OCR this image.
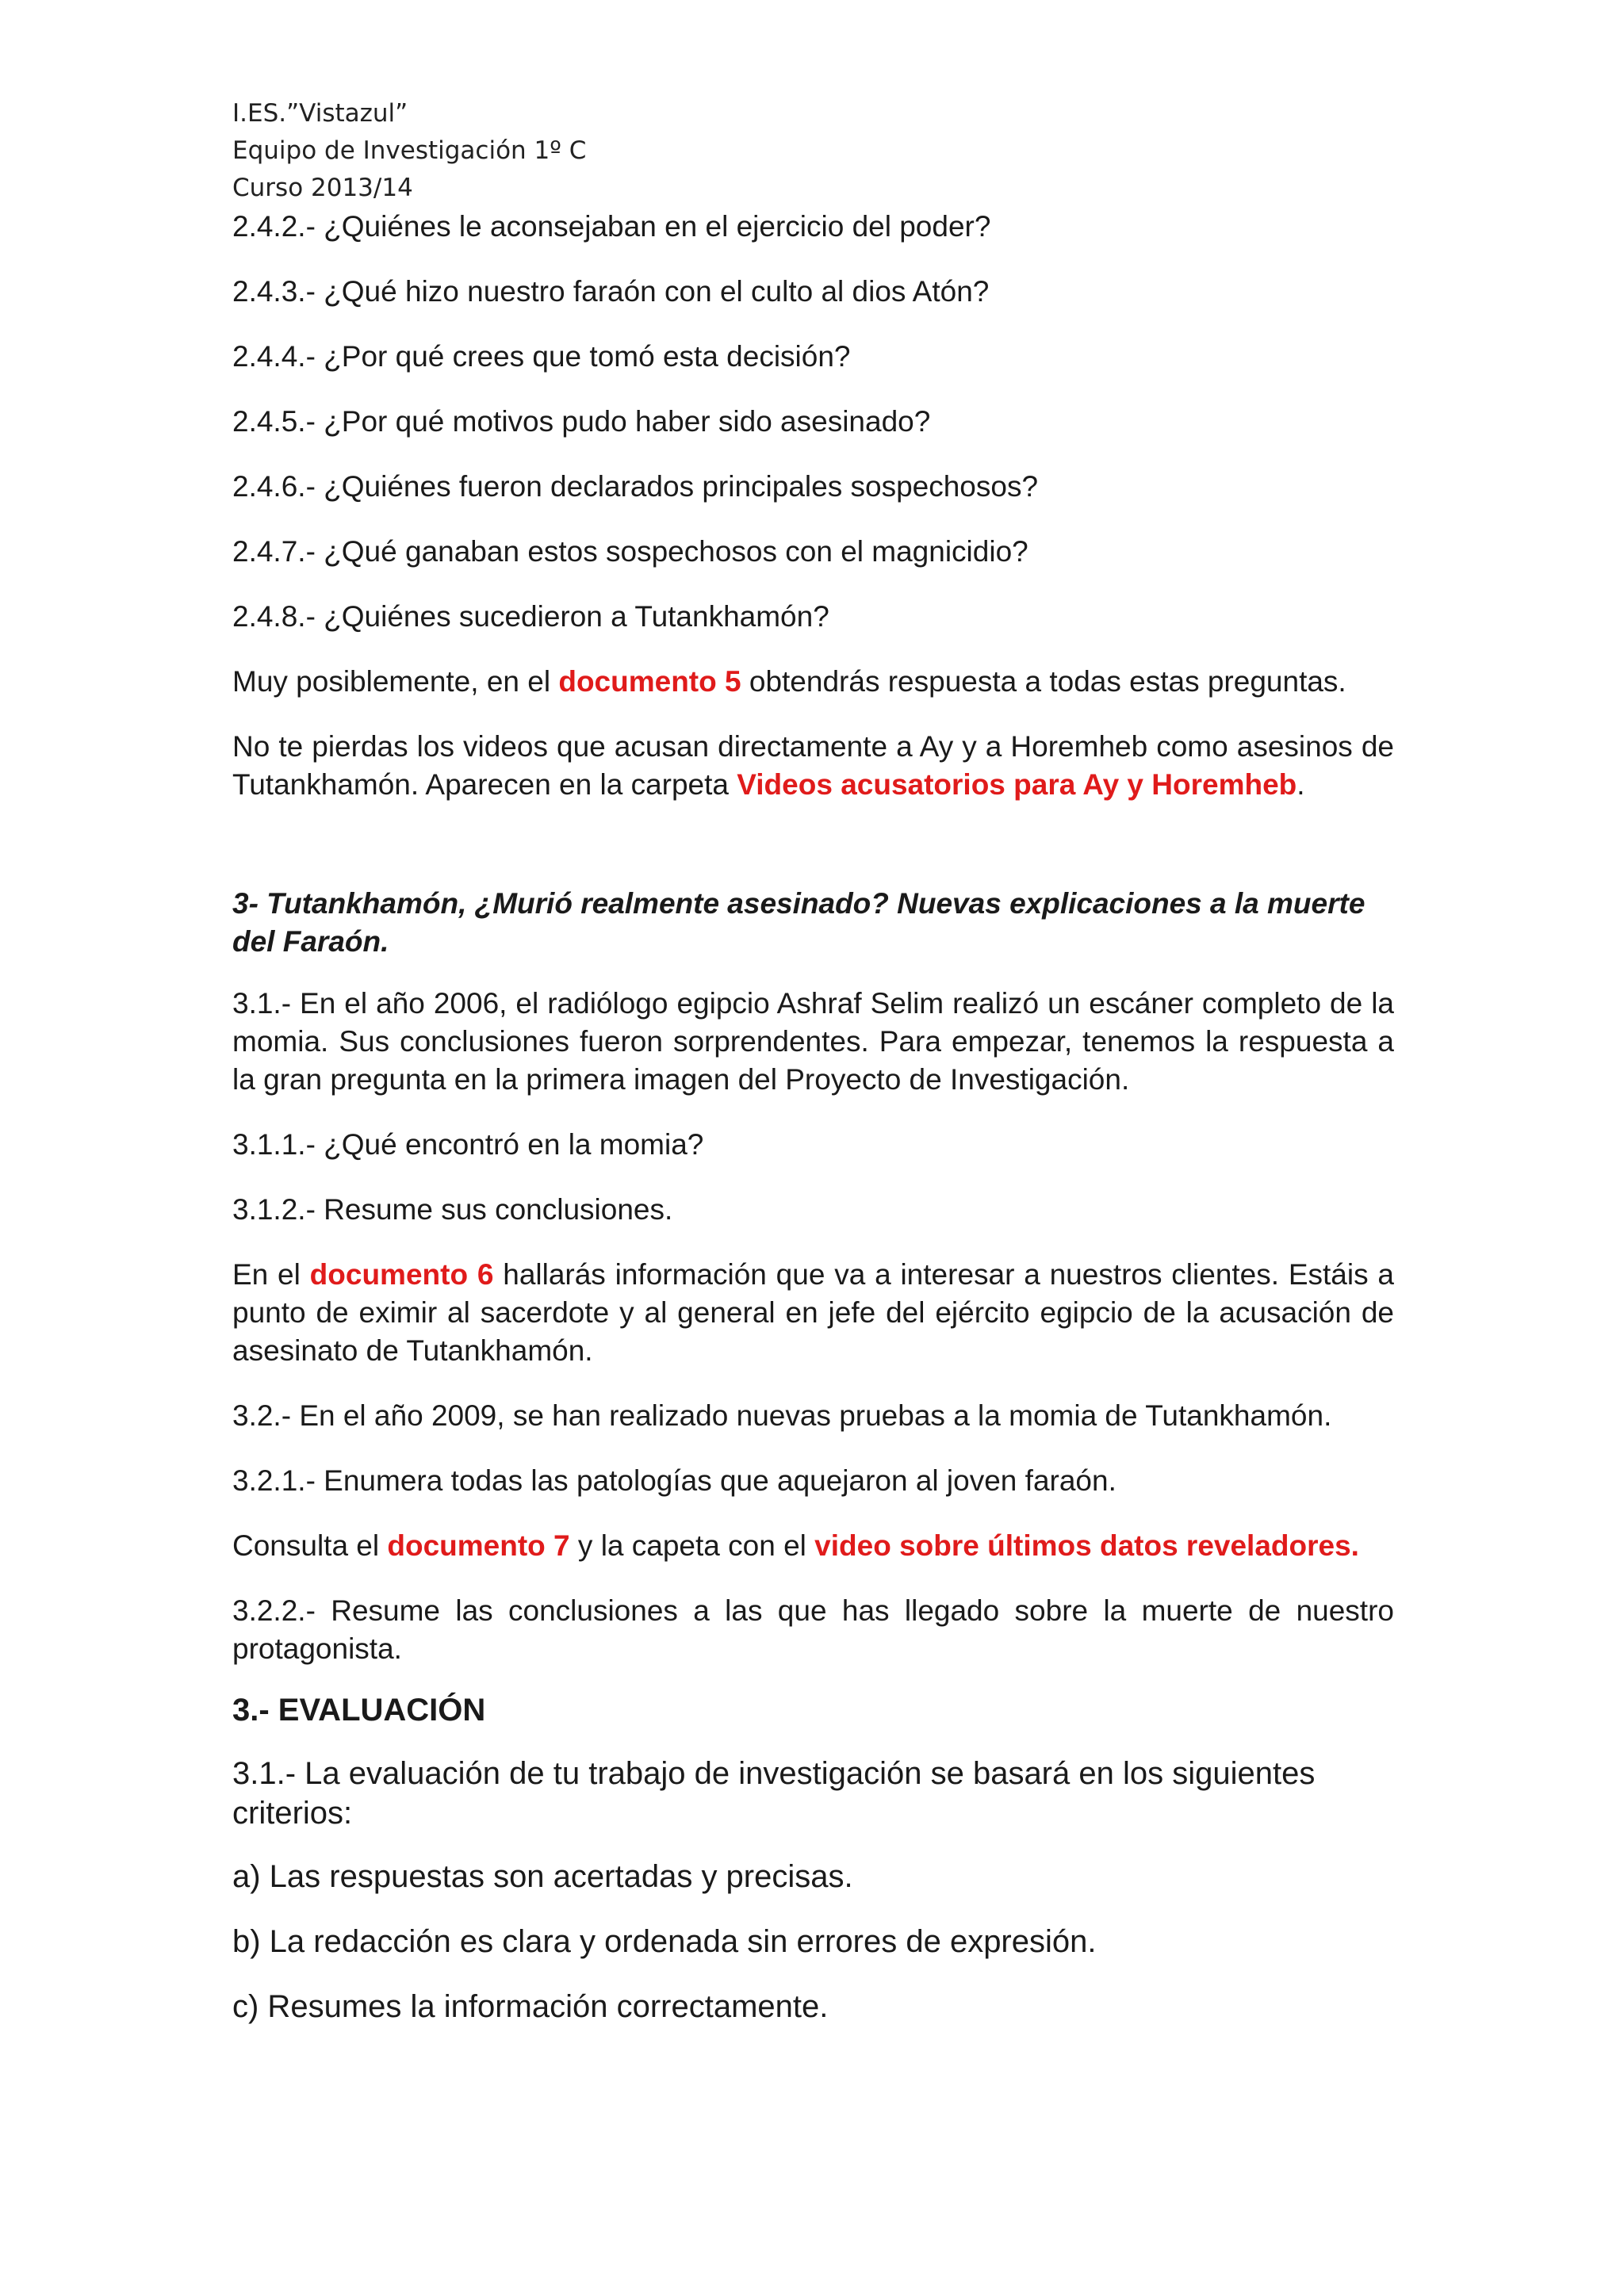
I.ES.”Vistazul”
Equipo de Investigación 1º C
Curso 2013/14
2.4.2.- ¿Quiénes le aconsejaban en el ejercicio del poder?
2.4.3.- ¿Qué hizo nuestro faraón con el culto al dios Atón?
2.4.4.- ¿Por qué crees que tomó esta decisión?
2.4.5.- ¿Por qué motivos pudo haber sido asesinado?
2.4.6.- ¿Quiénes fueron declarados principales sospechosos?
2.4.7.- ¿Qué ganaban estos sospechosos con el magnicidio?
2.4.8.- ¿Quiénes sucedieron a Tutankhamón?

Muy posiblemente, en el documento 5 obtendrás respuesta a todas estas preguntas.

No te pierdas los videos que acusan directamente a Ay y a Horemheb como asesinos de Tutankhamón. Aparecen en la carpeta Videos acusatorios para Ay y Horemheb.

3- Tutankhamón, ¿Murió realmente asesinado? Nuevas explicaciones a la muerte del Faraón.

3.1.- En el año 2006, el radiólogo egipcio Ashraf Selim realizó un escáner completo de la momia. Sus conclusiones fueron sorprendentes. Para empezar, tenemos la respuesta a la gran pregunta en la primera imagen del Proyecto de Investigación.

3.1.1.- ¿Qué encontró en la momia?
3.1.2.- Resume sus conclusiones.

En el documento 6 hallarás información que va a interesar a nuestros clientes. Estáis a punto de eximir al sacerdote y al general en jefe del ejército egipcio de la acusación de asesinato de Tutankhamón.

3.2.- En el año 2009, se han realizado nuevas pruebas a la momia de Tutankhamón.
3.2.1.- Enumera todas las patologías que aquejaron al joven faraón.
Consulta el documento 7 y la capeta con el video sobre últimos datos reveladores.

3.2.2.- Resume las conclusiones a las que has llegado sobre la muerte de nuestro protagonista.

3.- EVALUACIÓN

3.1.- La evaluación de tu trabajo de investigación se basará en los siguientes criterios:

a) Las respuestas son acertadas y precisas.
b) La redacción es clara y ordenada sin errores de expresión.
c) Resumes la información correctamente.
